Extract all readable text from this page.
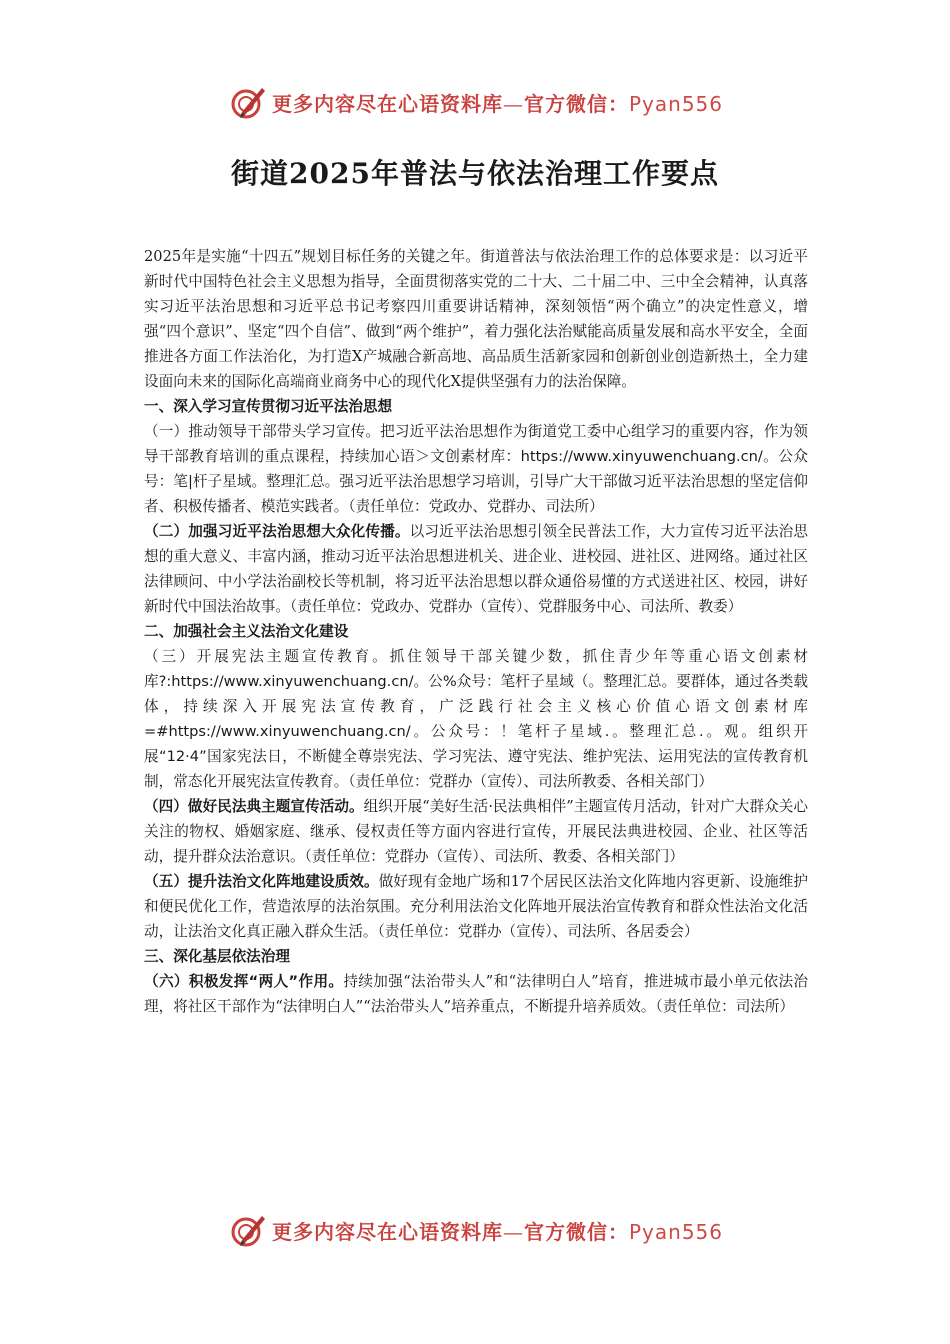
更多内容尽在心语资料库—官方微信：Pyan556
街道2025年普法与依法治理工作要点

2025年是实施“十四五”规划目标任务的关键之年。街道普法与依法治理工作的总体要求是：以习近平新时代中国特色社会主义思想为指导，全面贯彻落实党的二十大、二十届二中、三中全会精神，认真落实习近平法治思想和习近平总书记考察四川重要讲话精神，深刻领悟“两个确立”的决定性意义，增强“四个意识”、坚定“四个自信”、做到“两个维护”，着力强化法治赋能高质量发展和高水平安全，全面推进各方面工作法治化，为打造X产城融合新高地、高品质生活新家园和创新创业创造新热土，全力建设面向未来的国际化高端商业商务中心的现代化X提供坚强有力的法治保障。

一、深入学习宣传贯彻习近平法治思想

（一）推动领导干部带头学习宣传。把习近平法治思想作为街道党工委中心组学习的重要内容，作为领导干部教育培训的重点课程，持续加心语＞文创素材库：https://www.xinyuwenchuang.cn/。公众号：笔|杆子星域。整理汇总。强习近平法治思想学习培训，引导广大干部做习近平法治思想的坚定信仰者、积极传播者、模范实践者。（责任单位：党政办、党群办、司法所）

（二）加强习近平法治思想大众化传播。以习近平法治思想引领全民普法工作，大力宣传习近平法治思想的重大意义、丰富内涵，推动习近平法治思想进机关、进企业、进校园、进社区、进网络。通过社区法律顾问、中小学法治副校长等机制，将习近平法治思想以群众通俗易懂的方式送进社区、校园，讲好新时代中国法治故事。（责任单位：党政办、党群办（宣传）、党群服务中心、司法所、教委）

二、加强社会主义法治文化建设

（三）开展宪法主题宣传教育。抓住领导干部关键少数，抓住青少年等重心语文创素材库?:https://www.xinyuwenchuang.cn/。公%众号：笔杆子星域（。整理汇总。要群体，通过各类载体，持续深入开展宪法宣传教育，广泛践行社会主义核心价值心语文创素材库=#https://www.xinyuwenchuang.cn/。公众号：！笔杆子星域.。整理汇总.。观。组织开展“12·4”国家宪法日，不断健全尊崇宪法、学习宪法、遵守宪法、维护宪法、运用宪法的宣传教育机制，常态化开展宪法宣传教育。（责任单位：党群办（宣传）、司法所教委、各相关部门）

（四）做好民法典主题宣传活动。组织开展“美好生活·民法典相伴”主题宣传月活动，针对广大群众关心关注的物权、婚姻家庭、继承、侵权责任等方面内容进行宣传，开展民法典进校园、企业、社区等活动，提升群众法治意识。（责任单位：党群办（宣传）、司法所、教委、各相关部门）

（五）提升法治文化阵地建设质效。做好现有金地广场和17个居民区法治文化阵地内容更新、设施维护和便民优化工作，营造浓厚的法治氛围。充分利用法治文化阵地开展法治宣传教育和群众性法治文化活动，让法治文化真正融入群众生活。（责任单位：党群办（宣传）、司法所、各居委会）

三、深化基层依法治理

（六）积极发挥“两人”作用。持续加强“法治带头人”和“法律明白人”培育，推进城市最小单元依法治理，将社区干部作为“法律明白人”“法治带头人”培养重点，不断提升培养质效。（责任单位：司法所）

更多内容尽在心语资料库—官方微信：Pyan556
